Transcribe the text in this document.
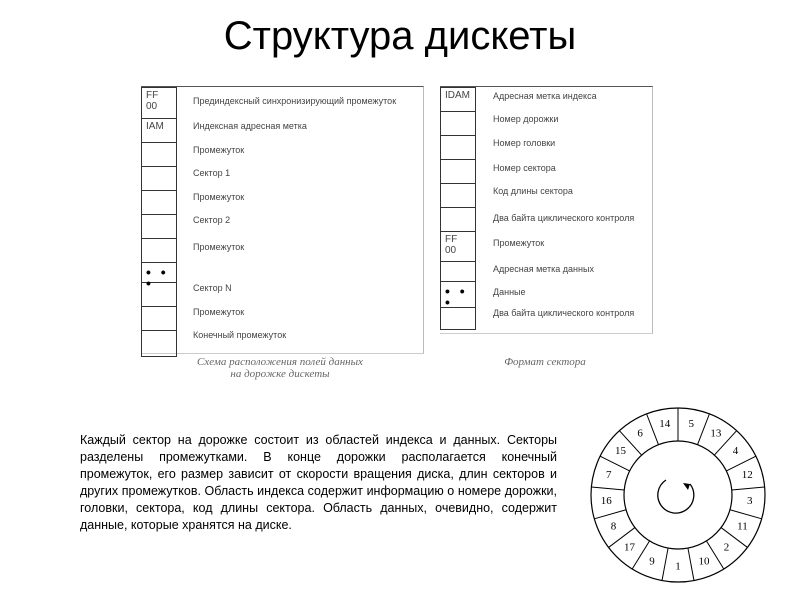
Структура дискеты
FF
00
IAM
• • •
Прединдексный синхронизирующий промежуток
Индексная адресная метка
Промежуток
Сектор 1
Промежуток
Сектор 2
Промежуток
Сектор N
Промежуток
Конечный промежуток
Схема расположения полей данных
на дорожке дискеты
IDAM
FF
00
• • •
Адресная метка индекса
Номер дорожки
Номер головки
Номер сектора
Код длины сектора
Два байта циклического контроля
Промежуток
Адресная метка данных
Данные
Два байта циклического контроля
Формат сектора
Каждый сектор на дорожке состоит из областей индекса и данных. Секторы разделены промежутками. В конце дорожки располагается конечный промежуток, его размер зависит от скорости вращения диска, длин секторов и других промежутков. Область индекса содержит информацию о номере дорожки, головки, сектора, код длины сектора. Область данных, очевидно, содержит данные, которые хранятся на диске.
1 10
2
11
3
12
4
13
5
14
6
15
7
16
8
17
9
